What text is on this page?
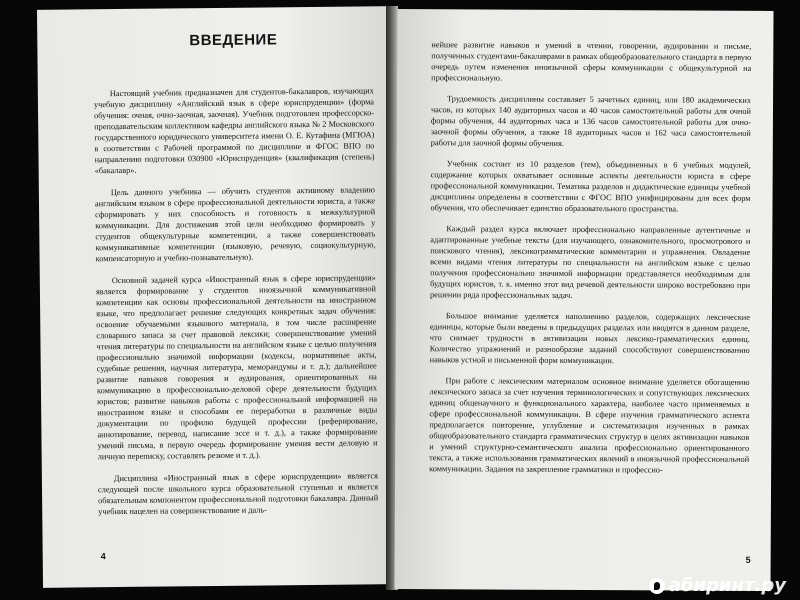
ВВЕДЕНИЕ

Настоящий учебник предназначен для студентов-бакалавров, изучающих учебную дисциплину «Английский язык в сфере юриспруденции» (форма обучения: очная, очно-заочная, заочная). Учебник подготовлен профессорско-преподавательским коллективом кафедры английского языка № 2 Московского государственного юридического университета имени О. Е. Кутафина (МГЮА) в соответствии с Рабочей программой по дисциплине и ФГОС ВПО по направлению подготовки 030900 «Юриспруденция» (квалификация (степень) «бакалавр».

Цель данного учебника — обучить студентов активному владению английским языком в сфере профессиональной деятельности юриста, а также сформировать у них способность и готовность к межкультурной коммуникации. Для достижения этой цели необходимо формировать у студентов общекультурные компетенции, а также совершенствовать коммуникативные компетенции (языковую, речевую, социокультурную, компенсаторную и учебно-познавательную).

Основной задачей курса «Иностранный язык в сфере юриспруденции» является формирование у студентов иноязычной коммуникативной компетенции как основы профессиональной деятельности на иностранном языке, что предполагает решение следующих конкретных задач обучения: освоение обучаемыми языкового материала, в том числе расширение словарного запаса за счет правовой лексики; совершенствование умений чтения литературы по специальности на английском языке с целью получения профессионально значимой информации (кодексы, нормативные акты, судебные решения, научная литература, меморандумы и т. д.); дальнейшее развитие навыков говорения и аудирования, ориентированных на коммуникацию в профессионально-деловой сфере деятельности будущих юристов; развитие навыков работы с профессиональной информацией на иностранном языке и способами ее переработки в различные виды документации по профилю будущей профессии (реферирование, аннотирование, перевод, написание эссе и т. д.), а также формирование умений письма, в первую очередь формирование умения вести деловую и личную переписку, составлять резюме и т. д.).

Дисциплина «Иностранный язык в сфере юриспруденции» является следующей после школьного курса образовательной ступенью и является обязательным компонентом профессиональной подготовки бакалавра. Данный учебник нацелен на совершенствование и даль-

4

нейшее развитие навыков и умений в чтении, говорении, аудировании и письме, полученных студентами-бакалаврами в рамках общеобразовательного стандарта в первую очередь путем изменения иноязычной сферы коммуникации с общекультурной на профессиональную.

Трудоемкость дисциплины составляет 5 зачетных единиц, или 180 академических часов, из которых 140 аудиторных часов и 40 часов самостоятельной работы для очной формы обучения, 44 аудиторных часа и 136 часов самостоятельной работы для очно-заочной формы обучения, а также 18 аудиторных часов и 162 часа самостоятельной работы для заочной формы обучения.

Учебник состоит из 10 разделов (тем), объединенных в 6 учебных модулей, содержание которых охватывает основные аспекты деятельности юриста в сфере профессиональной коммуникации. Тематика разделов и дидактические единицы учебной дисциплины определены в соответствии с ФГОС ВПО унифицированы для всех форм обучения, что обеспечивает единство образовательного пространства.

Каждый раздел курса включает профессионально направленные аутентичные и адаптированные учебные тексты (для изучающего, ознакомительного, просмотрового и поискового чтения), лексикограмматические комментарии и упражнения. Овладение всеми видами чтения литературы по специальности на английском языке с целью получения профессионально значимой информации представляется необходимым для будущих юристов, т. к. именно этот вид речевой деятельности широко востребовано при решении ряда профессиональных задач.

Большое внимание уделяется наполнению разделов, содержащих лексические единицы, которые были введены в предыдущих разделах или вводятся в данном разделе, что снимает трудности в активизации новых лексико-грамматических единиц. Количество упражнений и разнообразие заданий способствуют совершенствованию навыков устной и письменной форм коммуникации.

При работе с лексическим материалом основное внимание уделяется обогащению лексического запаса за счет изучения терминологических и сопутствующих лексических единиц общенаучного и функционального характера, наиболее часто применяемых в сфере профессиональной коммуникации. В сфере изучения грамматического аспекта предполагается повторение, углубление и систематизация изученных в рамках общеобразовательного стандарта грамматических структур в целях активизации навыков и умений структурно-семантического анализа профессионально ориентированного текста, а также использования грамматических явлений в иноязычной профессиональной коммуникации. Задания на закрепление грамматики и профессио-

5
абиринт.ру
